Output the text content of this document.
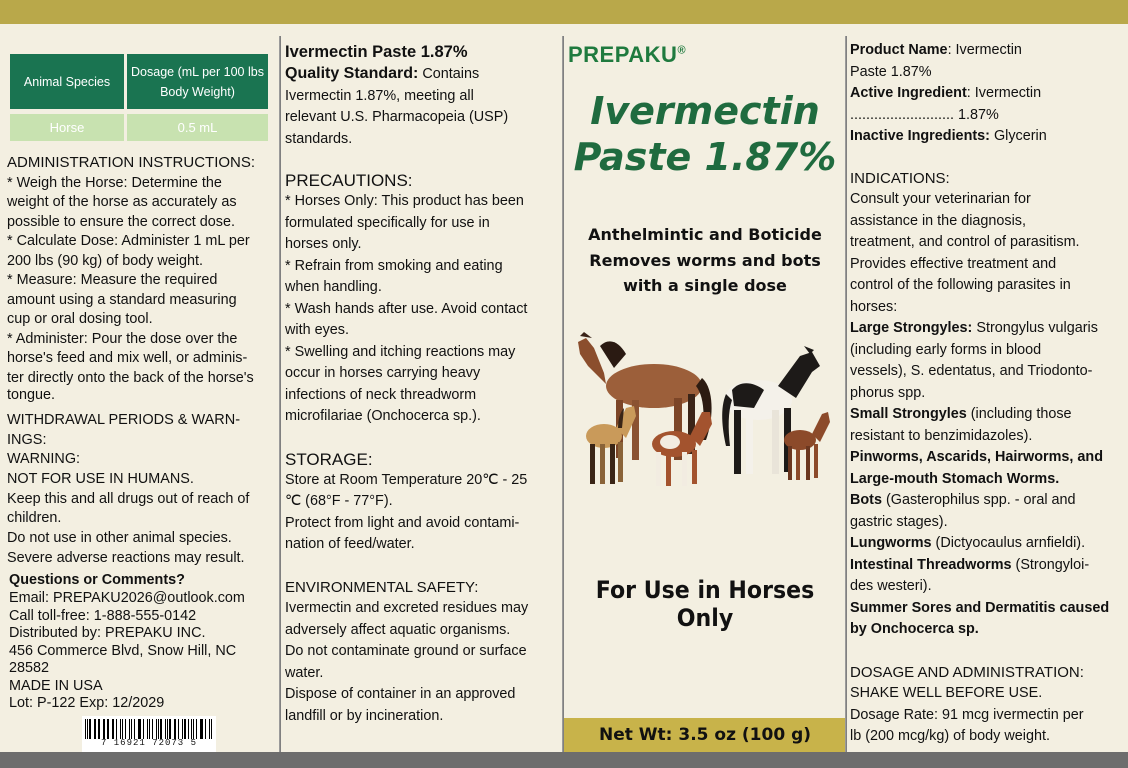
Animal Species
Dosage (mL per 100 lbs Body Weight)
Horse	0.5 mL
ADMINISTRATION INSTRUCTIONS:
* Weigh the Horse: Determine the
weight of the horse as accurately as
possible to ensure the correct dose.
* Calculate Dose: Administer 1 mL per
200 lbs (90 kg) of body weight.
* Measure: Measure the required
amount using a standard measuring
cup or oral dosing tool.
* Administer: Pour the dose over the
horse's feed and mix well, or adminis-
ter directly onto the back of the horse's
tongue.
WITHDRAWAL PERIODS & WARN-
INGS:
WARNING:
NOT FOR USE IN HUMANS.
Keep this and all drugs out of reach of
children.
Do not use in other animal species.
Severe adverse reactions may result.
Questions or Comments?
Email: PREPAKU2026@outlook.com
Call toll-free: 1-888-555-0142
Distributed by: PREPAKU INC.
456 Commerce Blvd, Snow Hill, NC
28582
MADE IN USA
Lot: P-122 Exp: 12/2029
7 16921 72073 5
Ivermectin Paste 1.87%
Quality Standard: Contains
Ivermectin 1.87%, meeting all
relevant U.S. Pharmacopeia (USP)
standards.
PRECAUTIONS:
* Horses Only: This product has been
formulated specifically for use in
horses only.
* Refrain from smoking and eating
when handling.
* Wash hands after use. Avoid contact
with eyes.
* Swelling and itching reactions may
occur in horses carrying heavy
infections of neck threadworm
microfilariae (Onchocerca sp.).
STORAGE:
Store at Room Temperature 20℃ - 25
℃ (68°F - 77°F).
Protect from light and avoid contami-
nation of feed/water.
ENVIRONMENTAL SAFETY:
Ivermectin and excreted residues may
adversely affect aquatic organisms.
Do not contaminate ground or surface
water.
Dispose of container in an approved
landfill or by incineration.
PREPAKU®
Ivermectin
Paste 1.87%
Anthelmintic and Boticide
Removes worms and bots
with a single dose
For Use in Horses Only
Net Wt: 3.5 oz (100 g)
Product Name: Ivermectin
Paste 1.87%
Active Ingredient: Ivermectin
.......................... 1.87%
Inactive Ingredients: Glycerin
INDICATIONS:
Consult your veterinarian for
assistance in the diagnosis,
treatment, and control of parasitism.
Provides effective treatment and
control of the following parasites in
horses:
Large Strongyles: Strongylus vulgaris
(including early forms in blood
vessels), S. edentatus, and Triodonto-
phorus spp.
Small Strongyles (including those
resistant to benzimidazoles).
Pinworms, Ascarids, Hairworms, and
Large-mouth Stomach Worms.
Bots (Gasterophilus spp. - oral and
gastric stages).
Lungworms (Dictyocaulus arnfieldi).
Intestinal Threadworms (Strongyloi-
des westeri).
Summer Sores and Dermatitis caused
by Onchocerca sp.
DOSAGE AND ADMINISTRATION:
SHAKE WELL BEFORE USE.
Dosage Rate: 91 mcg ivermectin per
lb (200 mcg/kg) of body weight.
